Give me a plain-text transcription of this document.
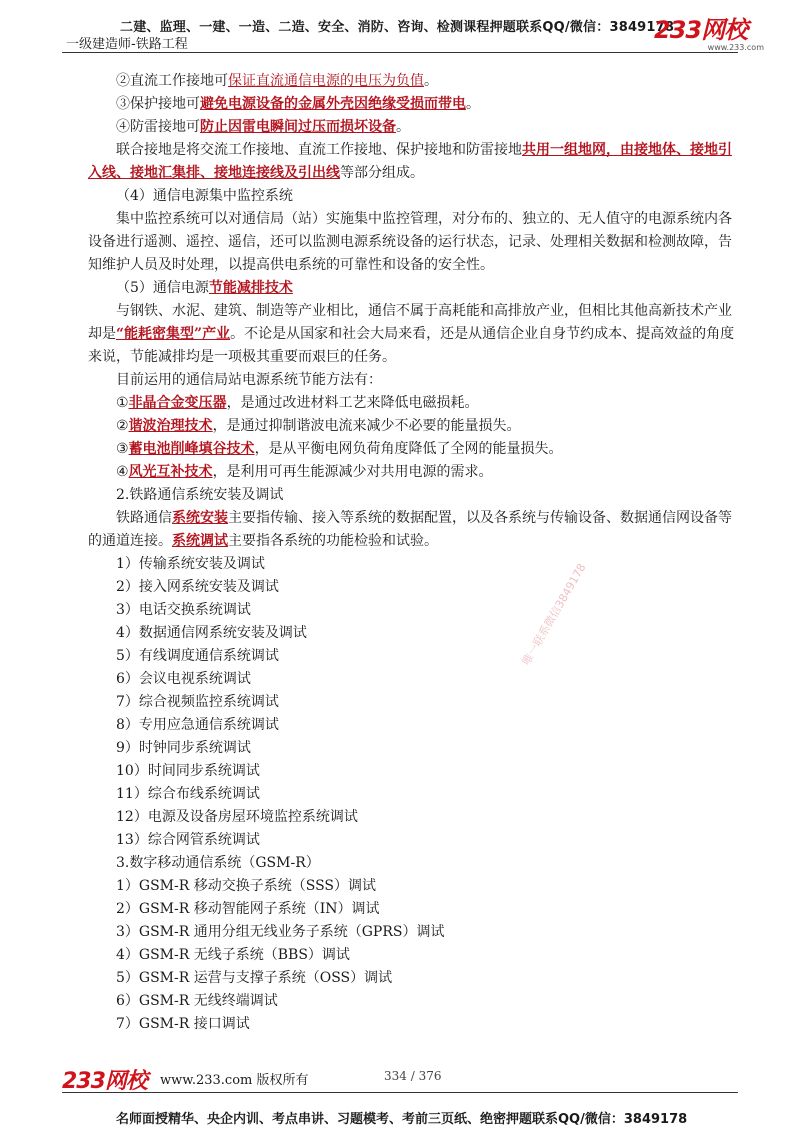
二建、监理、一建、一造、二造、安全、消防、咨询、检测课程押题联系QQ/微信：3849178
一级建造师-铁路工程
233网校
www.233.com

②直流工作接地可保证直流通信电源的电压为负值。

③保护接地可避免电源设备的金属外壳因绝缘受损而带电。

④防雷接地可防止因雷电瞬间过压而损坏设备。

联合接地是将交流工作接地、直流工作接地、保护接地和防雷接地共用一组地网，由接地体、接地引入线、接地汇集排、接地连接线及引出线等部分组成。

（4）通信电源集中监控系统

集中监控系统可以对通信局（站）实施集中监控管理，对分布的、独立的、无人值守的电源系统内各设备进行遥测、遥控、遥信，还可以监测电源系统设备的运行状态，记录、处理相关数据和检测故障，告知维护人员及时处理，以提高供电系统的可靠性和设备的安全性。

（5）通信电源节能减排技术

与钢铁、水泥、建筑、制造等产业相比，通信不属于高耗能和高排放产业，但相比其他高新技术产业却是“能耗密集型”产业。不论是从国家和社会大局来看，还是从通信企业自身节约成本、提高效益的角度来说，节能减排均是一项极其重要而艰巨的任务。

目前运用的通信局站电源系统节能方法有：

①非晶合金变压器，是通过改进材料工艺来降低电磁损耗。

②谐波治理技术，是通过抑制谐波电流来减少不必要的能量损失。

③蓄电池削峰填谷技术，是从平衡电网负荷角度降低了全网的能量损失。

④风光互补技术，是利用可再生能源减少对共用电源的需求。

2.铁路通信系统安装及调试

铁路通信系统安装主要指传输、接入等系统的数据配置，以及各系统与传输设备、数据通信网设备等的通道连接。系统调试主要指各系统的功能检验和试验。

1）传输系统安装及调试

2）接入网系统安装及调试

3）电话交换系统调试

4）数据通信网系统安装及调试

5）有线调度通信系统调试

6）会议电视系统调试

7）综合视频监控系统调试

8）专用应急通信系统调试

9）时钟同步系统调试

10）时间同步系统调试

11）综合布线系统调试

12）电源及设备房屋环境监控系统调试

13）综合网管系统调试

3.数字移动通信系统（GSM-R）

1）GSM-R 移动交换子系统（SSS）调试

2）GSM-R 移动智能网子系统（IN）调试

3）GSM-R 通用分组无线业务子系统（GPRS）调试

4）GSM-R 无线子系统（BBS）调试

5）GSM-R 运营与支撑子系统（OSS）调试

6）GSM-R 无线终端调试

7）GSM-R 接口调试

唯一联系微信3849178
233网校 www.233.com 版权所有	334 / 376
名师面授精华、央企内训、考点串讲、习题模考、考前三页纸、绝密押题联系QQ/微信：3849178
